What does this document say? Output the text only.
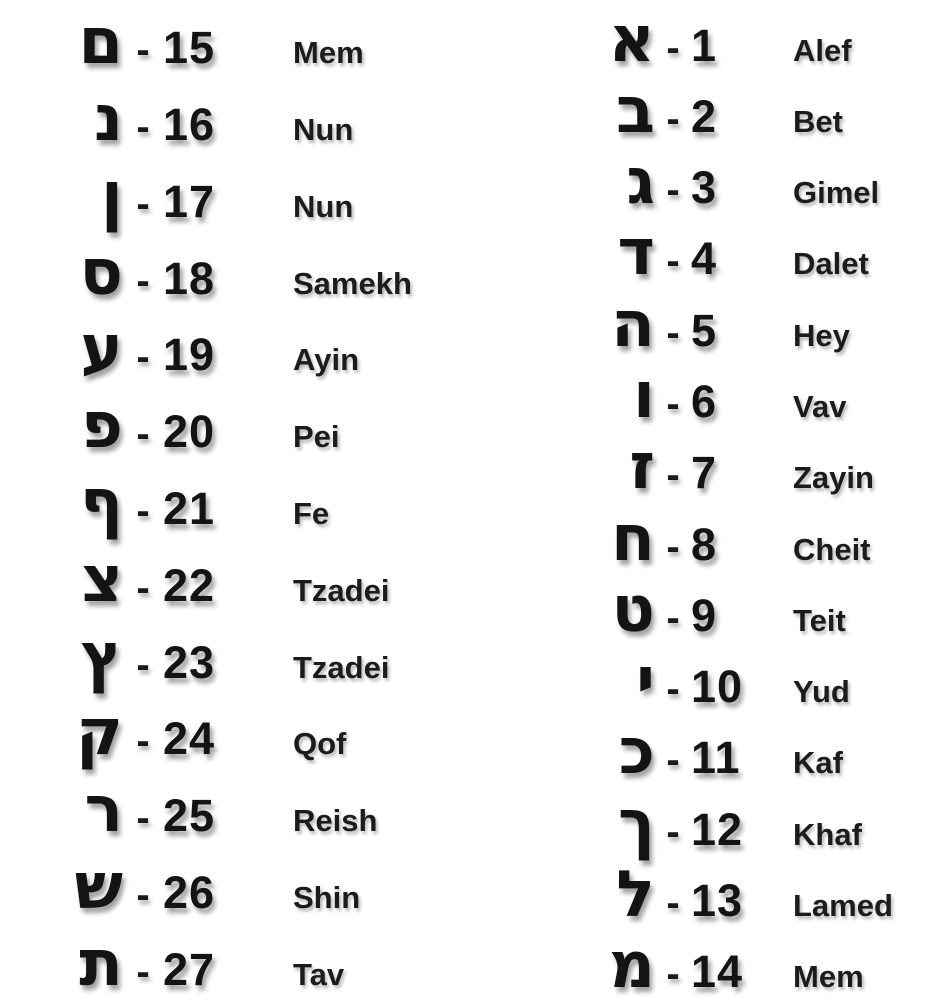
ם - 15	Mem
נ - 16	Nun
ן - 17	Nun
ס - 18	Samekh
ע - 19	Ayin
פ - 20	Pei
ף - 21	Fe
צ - 22	Tzadei
ץ - 23	Tzadei
ק - 24	Qof
ר - 25	Reish
ש - 26	Shin
ת - 27	Tav
א - 1	Alef
ב - 2	Bet
ג - 3	Gimel
ד - 4	Dalet
ה - 5	Hey
ו - 6	Vav
ז - 7	Zayin
ח - 8	Cheit
ט - 9	Teit
י - 10	Yud
כ - 11	Kaf
ך - 12	Khaf
ל - 13	Lamed
מ - 14	Mem
